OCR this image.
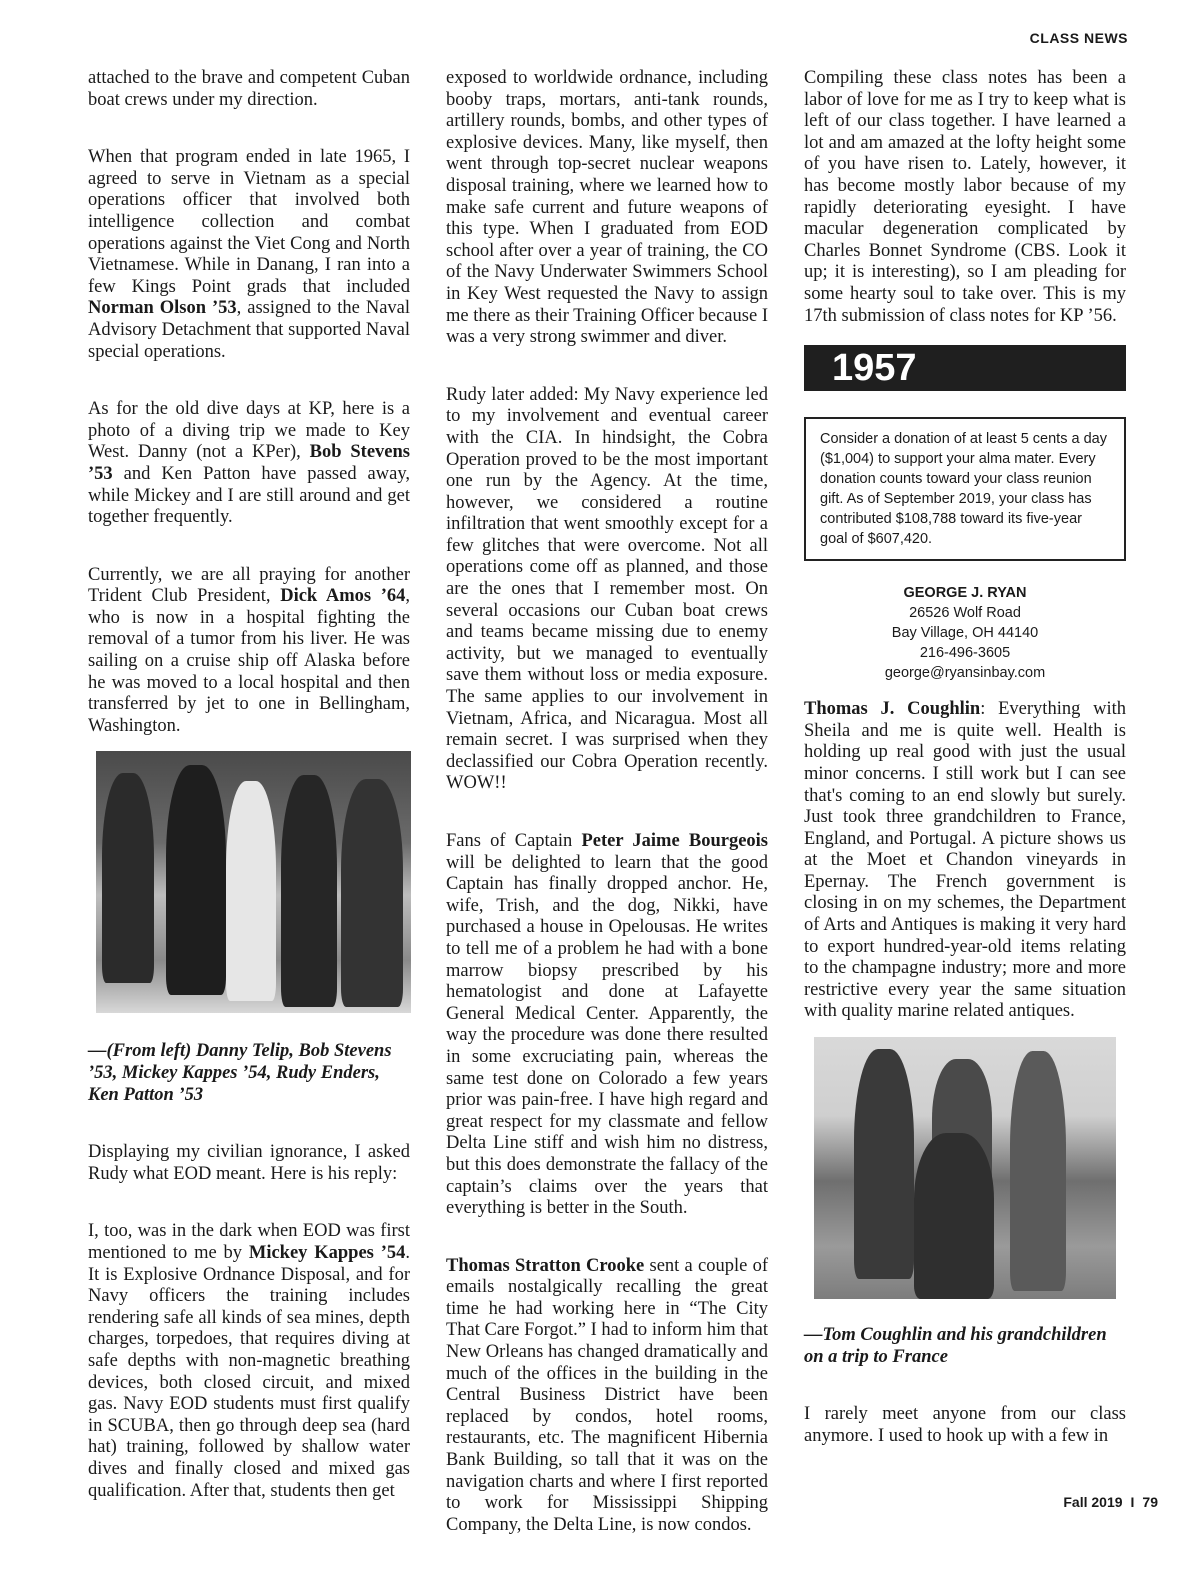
CLASS NEWS

attached to the brave and competent Cuban boat crews under my direction.

When that program ended in late 1965, I agreed to serve in Vietnam as a special operations officer that involved both intelligence collection and combat operations against the Viet Cong and North Vietnamese. While in Danang, I ran into a few Kings Point grads that included Norman Olson ’53, assigned to the Naval Advisory Detachment that supported Naval special operations.

As for the old dive days at KP, here is a photo of a diving trip we made to Key West. Danny (not a KPer), Bob Stevens ’53 and Ken Patton have passed away, while Mickey and I are still around and get together frequently.

Currently, we are all praying for another Trident Club President, Dick Amos ’64, who is now in a hospital fighting the removal of a tumor from his liver. He was sailing on a cruise ship off Alaska before he was moved to a local hospital and then transferred by jet to one in Bellingham, Washington.

—(From left) Danny Telip, Bob Stevens ’53, Mickey Kappes ’54, Rudy Enders, Ken Patton ’53

Displaying my civilian ignorance, I asked Rudy what EOD meant. Here is his reply:

I, too, was in the dark when EOD was first mentioned to me by Mickey Kappes ’54. It is Explosive Ordnance Disposal, and for Navy officers the training includes rendering safe all kinds of sea mines, depth charges, torpedoes, that requires diving at safe depths with non-magnetic breathing devices, both closed circuit, and mixed gas. Navy EOD students must first qualify in SCUBA, then go through deep sea (hard hat) training, followed by shallow water dives and finally closed and mixed gas qualification. After that, students then get

exposed to worldwide ordnance, including booby traps, mortars, anti-tank rounds, artillery rounds, bombs, and other types of explosive devices. Many, like myself, then went through top-secret nuclear weapons disposal training, where we learned how to make safe current and future weapons of this type. When I graduated from EOD school after over a year of training, the CO of the Navy Underwater Swimmers School in Key West requested the Navy to assign me there as their Training Officer because I was a very strong swimmer and diver.

Rudy later added: My Navy experience led to my involvement and eventual career with the CIA. In hindsight, the Cobra Operation proved to be the most important one run by the Agency. At the time, however, we considered a routine infiltration that went smoothly except for a few glitches that were overcome. Not all operations come off as planned, and those are the ones that I remember most. On several occasions our Cuban boat crews and teams became missing due to enemy activity, but we managed to eventually save them without loss or media exposure. The same applies to our involvement in Vietnam, Africa, and Nicaragua. Most all remain secret. I was surprised when they declassified our Cobra Operation recently. WOW!!

Fans of Captain Peter Jaime Bourgeois will be delighted to learn that the good Captain has finally dropped anchor. He, wife, Trish, and the dog, Nikki, have purchased a house in Opelousas. He writes to tell me of a problem he had with a bone marrow biopsy prescribed by his hematologist and done at Lafayette General Medical Center. Apparently, the way the procedure was done there resulted in some excruciating pain, whereas the same test done on Colorado a few years prior was pain-free. I have high regard and great respect for my classmate and fellow Delta Line stiff and wish him no distress, but this does demonstrate the fallacy of the captain’s claims over the years that everything is better in the South.

Thomas Stratton Crooke sent a couple of emails nostalgically recalling the great time he had working here in “The City That Care Forgot.” I had to inform him that New Orleans has changed dramatically and much of the offices in the building in the Central Business District have been replaced by condos, hotel rooms, restaurants, etc. The magnificent Hibernia Bank Building, so tall that it was on the navigation charts and where I first reported to work for Mississippi Shipping Company, the Delta Line, is now condos.

Compiling these class notes has been a labor of love for me as I try to keep what is left of our class together. I have learned a lot and am amazed at the lofty height some of you have risen to. Lately, however, it has become mostly labor because of my rapidly deteriorating eyesight. I have macular degeneration complicated by Charles Bonnet Syndrome (CBS. Look it up; it is interesting), so I am pleading for some hearty soul to take over. This is my 17th submission of class notes for KP ’56.

1957
Consider a donation of at least 5 cents a day ($1,004) to support your alma mater. Every donation counts toward your class reunion gift. As of September 2019, your class has contributed $108,788 toward its five-year goal of $607,420.
GEORGE J. RYAN
26526 Wolf Road
Bay Village, OH 44140
216-496-3605
george@ryansinbay.com

Thomas J. Coughlin: Everything with Sheila and me is quite well. Health is holding up real good with just the usual minor concerns. I still work but I can see that's coming to an end slowly but surely. Just took three grandchildren to France, England, and Portugal. A picture shows us at the Moet et Chandon vineyards in Epernay. The French government is closing in on my schemes, the Department of Arts and Antiques is making it very hard to export hundred-year-old items relating to the champagne industry; more and more restrictive every year the same situation with quality marine related antiques.

—Tom Coughlin and his grandchildren on a trip to France

I rarely meet anyone from our class anymore. I used to hook up with a few in

Fall 2019 I 79
